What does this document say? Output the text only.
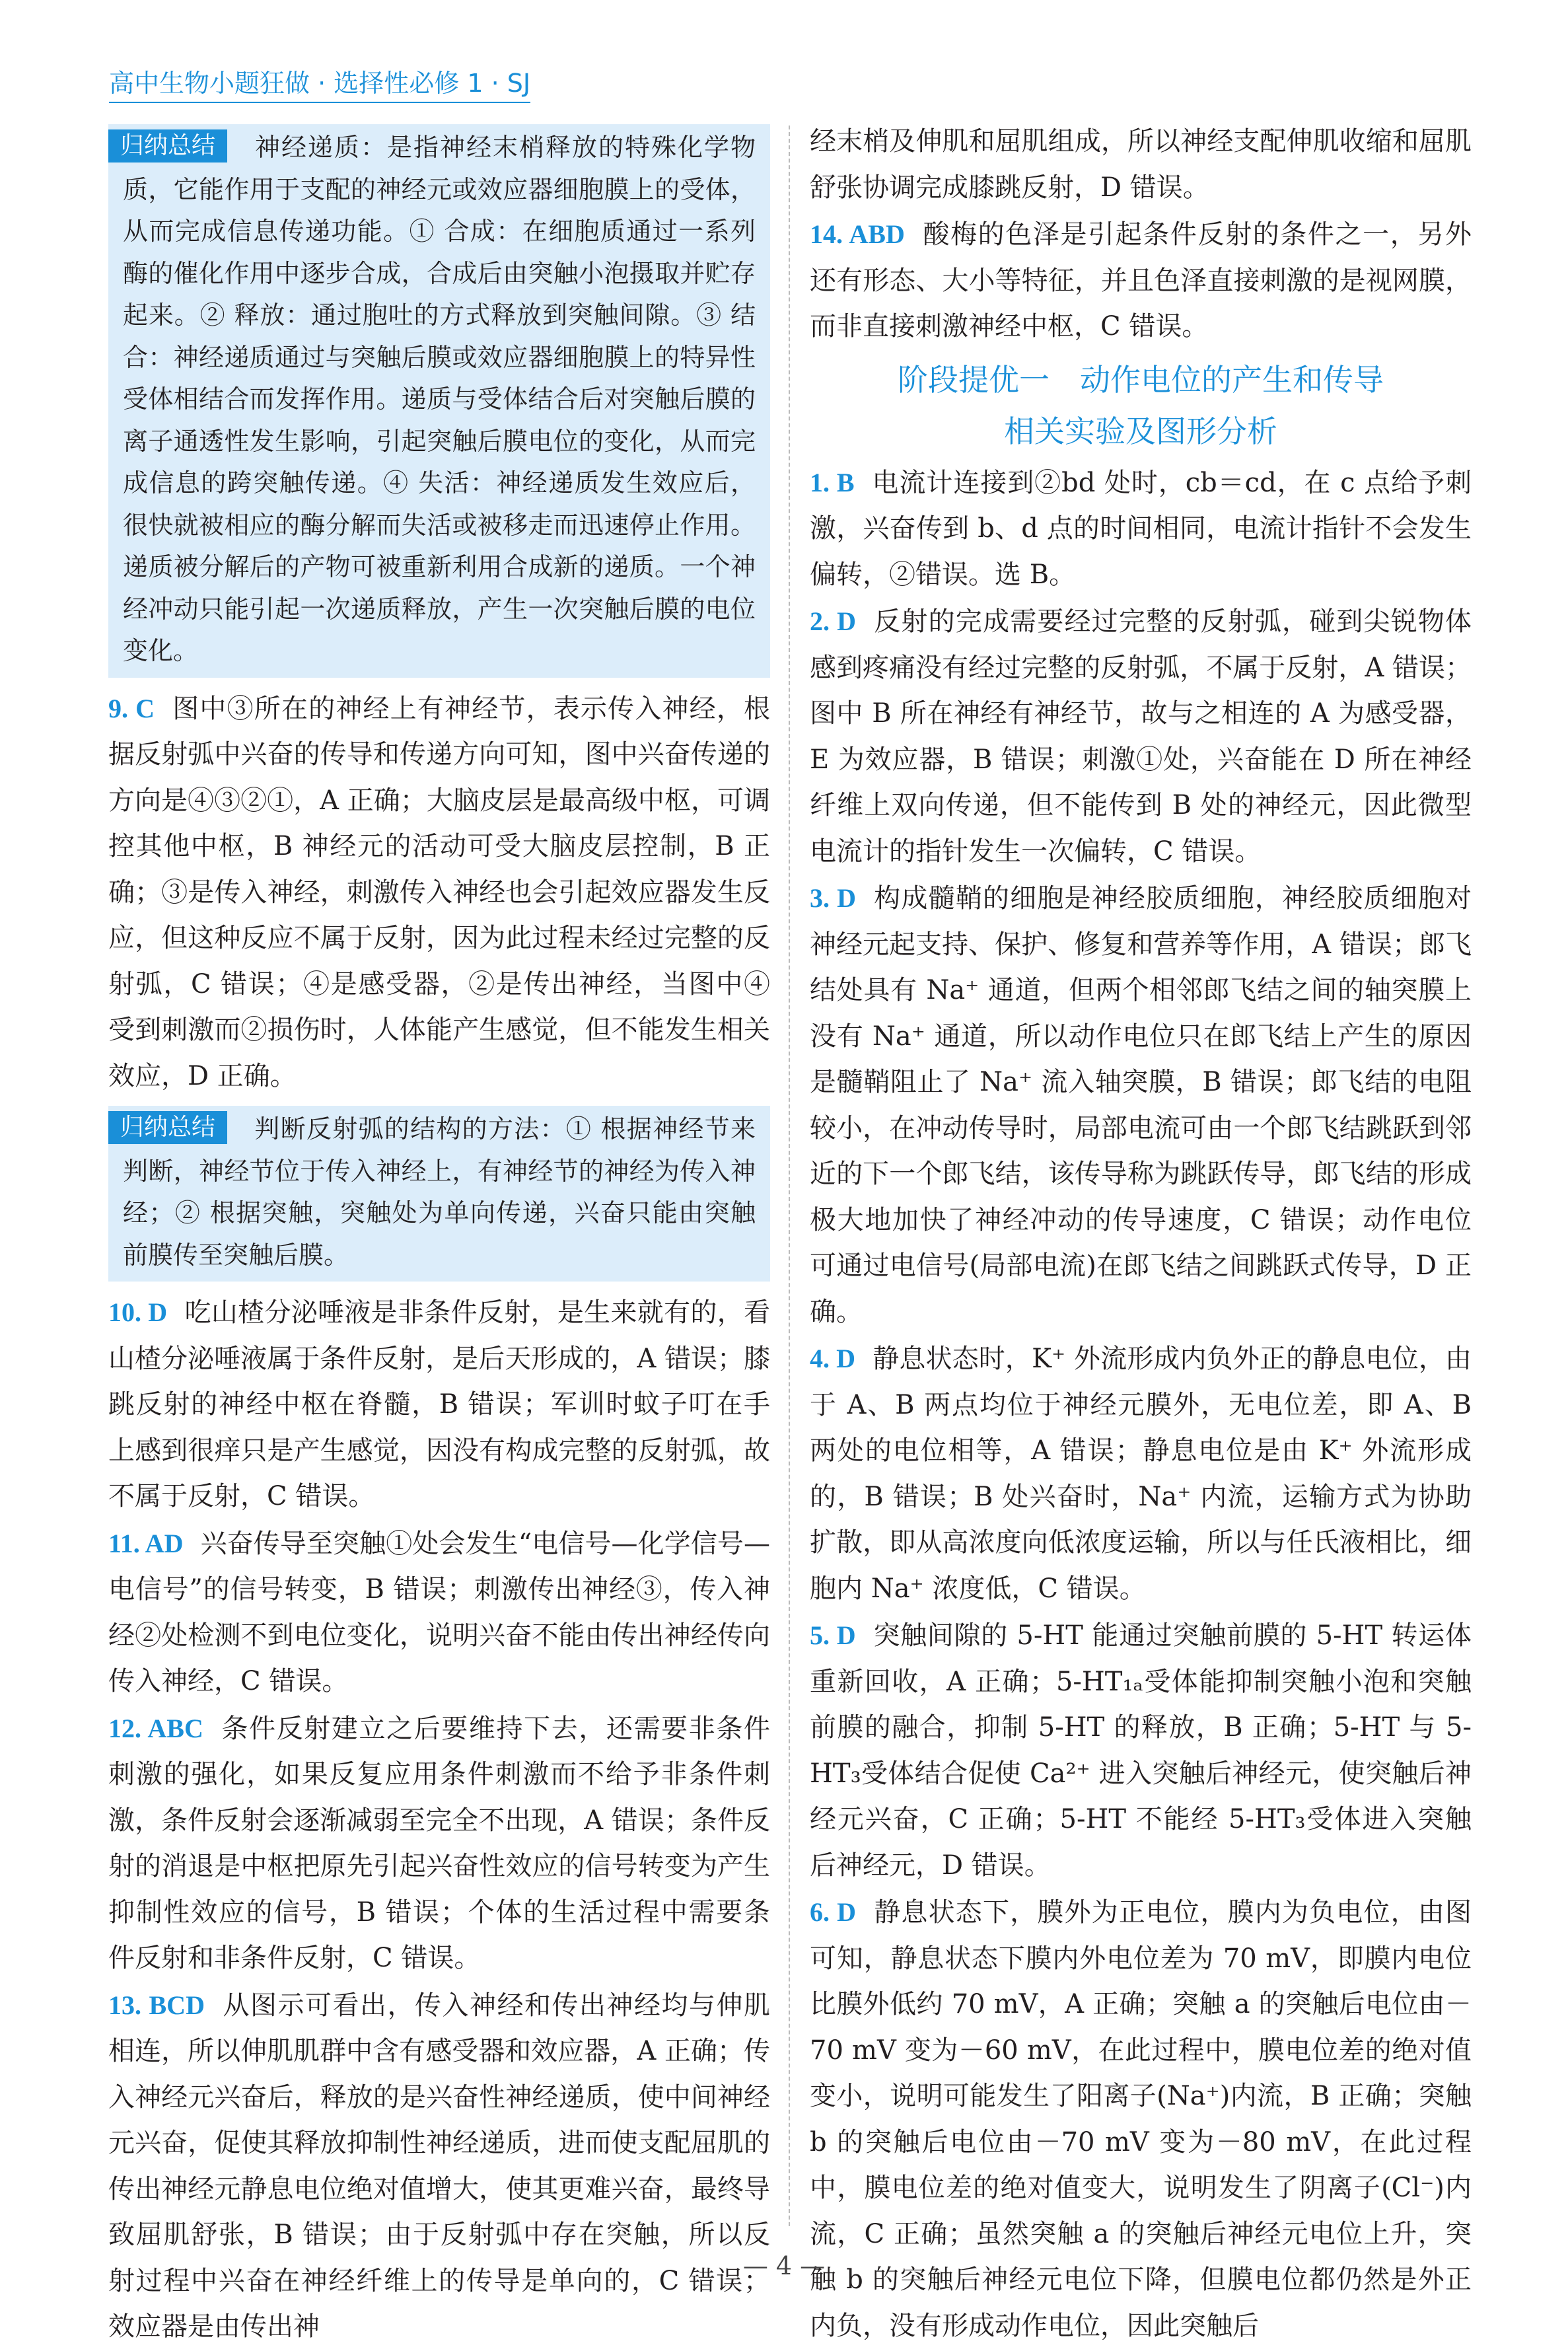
高中生物小题狂做 · 选择性必修 1 · SJ

归纳总结 神经递质：是指神经末梢释放的特殊化学物质，它能作用于支配的神经元或效应器细胞膜上的受体，从而完成信息传递功能。① 合成：在细胞质通过一系列酶的催化作用中逐步合成，合成后由突触小泡摄取并贮存起来。② 释放：通过胞吐的方式释放到突触间隙。③ 结合：神经递质通过与突触后膜或效应器细胞膜上的特异性受体相结合而发挥作用。递质与受体结合后对突触后膜的离子通透性发生影响，引起突触后膜电位的变化，从而完成信息的跨突触传递。④ 失活：神经递质发生效应后，很快就被相应的酶分解而失活或被移走而迅速停止作用。递质被分解后的产物可被重新利用合成新的递质。一个神经冲动只能引起一次递质释放，产生一次突触后膜的电位变化。

9. C 图中③所在的神经上有神经节，表示传入神经，根据反射弧中兴奋的传导和传递方向可知，图中兴奋传递的方向是④③②①，A 正确；大脑皮层是最高级中枢，可调控其他中枢，B 神经元的活动可受大脑皮层控制，B 正确；③是传入神经，刺激传入神经也会引起效应器发生反应，但这种反应不属于反射，因为此过程未经过完整的反射弧，C 错误；④是感受器，②是传出神经，当图中④受到刺激而②损伤时，人体能产生感觉，但不能发生相关效应，D 正确。

归纳总结 判断反射弧的结构的方法：① 根据神经节来判断，神经节位于传入神经上，有神经节的神经为传入神经；② 根据突触，突触处为单向传递，兴奋只能由突触前膜传至突触后膜。

10. D 吃山楂分泌唾液是非条件反射，是生来就有的，看山楂分泌唾液属于条件反射，是后天形成的，A 错误；膝跳反射的神经中枢在脊髓，B 错误；军训时蚊子叮在手上感到很痒只是产生感觉，因没有构成完整的反射弧，故不属于反射，C 错误。

11. AD 兴奋传导至突触①处会发生“电信号—化学信号—电信号”的信号转变，B 错误；刺激传出神经③，传入神经②处检测不到电位变化，说明兴奋不能由传出神经传向传入神经，C 错误。

12. ABC 条件反射建立之后要维持下去，还需要非条件刺激的强化，如果反复应用条件刺激而不给予非条件刺激，条件反射会逐渐减弱至完全不出现，A 错误；条件反射的消退是中枢把原先引起兴奋性效应的信号转变为产生抑制性效应的信号，B 错误；个体的生活过程中需要条件反射和非条件反射，C 错误。

13. BCD 从图示可看出，传入神经和传出神经均与伸肌相连，所以伸肌肌群中含有感受器和效应器，A 正确；传入神经元兴奋后，释放的是兴奋性神经递质，使中间神经元兴奋，促使其释放抑制性神经递质，进而使支配屈肌的传出神经元静息电位绝对值增大，使其更难兴奋，最终导致屈肌舒张，B 错误；由于反射弧中存在突触，所以反射过程中兴奋在神经纤维上的传导是单向的，C 错误；效应器是由传出神

经末梢及伸肌和屈肌组成，所以神经支配伸肌收缩和屈肌舒张协调完成膝跳反射，D 错误。

14. ABD 酸梅的色泽是引起条件反射的条件之一，另外还有形态、大小等特征，并且色泽直接刺激的是视网膜，而非直接刺激神经中枢，C 错误。

阶段提优一　动作电位的产生和传导
相关实验及图形分析

1. B 电流计连接到②bd 处时，cb＝cd，在 c 点给予刺激，兴奋传到 b、d 点的时间相同，电流计指针不会发生偏转，②错误。选 B。

2. D 反射的完成需要经过完整的反射弧，碰到尖锐物体感到疼痛没有经过完整的反射弧，不属于反射，A 错误；图中 B 所在神经有神经节，故与之相连的 A 为感受器，E 为效应器，B 错误；刺激①处，兴奋能在 D 所在神经纤维上双向传递，但不能传到 B 处的神经元，因此微型电流计的指针发生一次偏转，C 错误。

3. D 构成髓鞘的细胞是神经胶质细胞，神经胶质细胞对神经元起支持、保护、修复和营养等作用，A 错误；郎飞结处具有 Na⁺ 通道，但两个相邻郎飞结之间的轴突膜上没有 Na⁺ 通道，所以动作电位只在郎飞结上产生的原因是髓鞘阻止了 Na⁺ 流入轴突膜，B 错误；郎飞结的电阻较小，在冲动传导时，局部电流可由一个郎飞结跳跃到邻近的下一个郎飞结，该传导称为跳跃传导，郎飞结的形成极大地加快了神经冲动的传导速度，C 错误；动作电位可通过电信号(局部电流)在郎飞结之间跳跃式传导，D 正确。

4. D 静息状态时，K⁺ 外流形成内负外正的静息电位，由于 A、B 两点均位于神经元膜外，无电位差，即 A、B 两处的电位相等，A 错误；静息电位是由 K⁺ 外流形成的，B 错误；B 处兴奋时，Na⁺ 内流，运输方式为协助扩散，即从高浓度向低浓度运输，所以与任氏液相比，细胞内 Na⁺ 浓度低，C 错误。

5. D 突触间隙的 5-HT 能通过突触前膜的 5-HT 转运体重新回收，A 正确；5-HT₁ₐ受体能抑制突触小泡和突触前膜的融合，抑制 5-HT 的释放，B 正确；5-HT 与 5-HT₃受体结合促使 Ca²⁺ 进入突触后神经元，使突触后神经元兴奋，C 正确；5-HT 不能经 5-HT₃受体进入突触后神经元，D 错误。

6. D 静息状态下，膜外为正电位，膜内为负电位，由图可知，静息状态下膜内外电位差为 70 mV，即膜内电位比膜外低约 70 mV，A 正确；突触 a 的突触后电位由－70 mV 变为－60 mV，在此过程中，膜电位差的绝对值变小，说明可能发生了阳离子(Na⁺)内流，B 正确；突触 b 的突触后电位由－70 mV 变为－80 mV，在此过程中，膜电位差的绝对值变大，说明发生了阴离子(Cl⁻)内流，C 正确；虽然突触 a 的突触后神经元电位上升，突触 b 的突触后神经元电位下降，但膜电位都仍然是外正内负，没有形成动作电位，因此突触后

— 4 —
